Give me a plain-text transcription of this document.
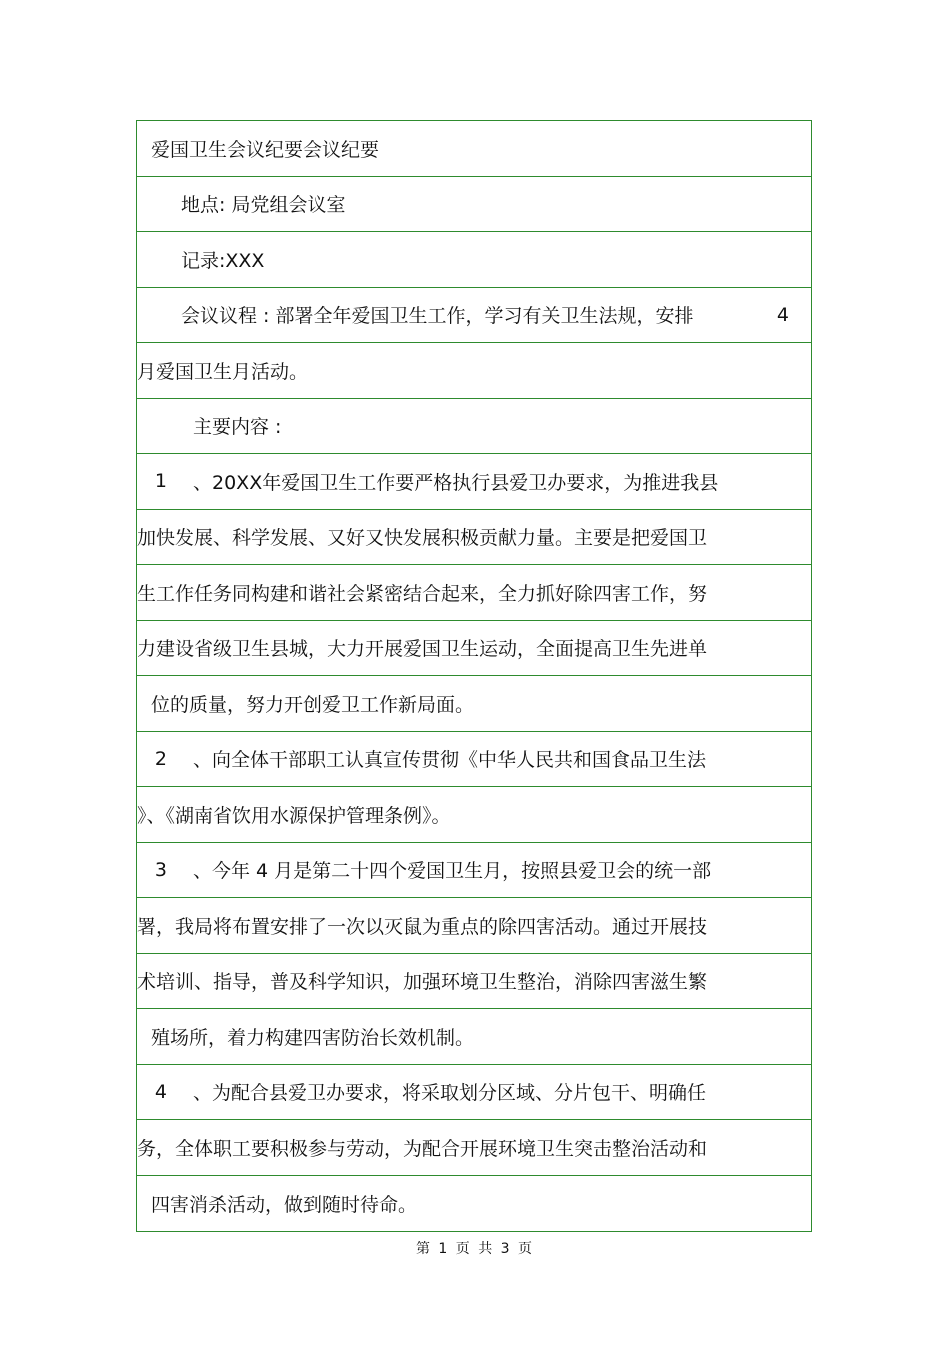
爱国卫生会议纪要会议纪要
地点: 局党组会议室
记录:XXX
会议议程 : 部署全年爱国卫生工作，学习有关卫生法规，安排	4
月爱国卫生月活动。
主要内容 :
1	、20XX年爱国卫生工作要严格执行县爱卫办要求，为推进我县
加快发展、科学发展、又好又快发展积极贡献力量。主要是把爱国卫
生工作任务同构建和谐社会紧密结合起来，全力抓好除四害工作，努
力建设省级卫生县城，大力开展爱国卫生运动，全面提高卫生先进单
位的质量，努力开创爱卫工作新局面。
2	、向全体干部职工认真宣传贯彻《中华人民共和国食品卫生法
》、《湖南省饮用水源保护管理条例》。
3	、今年 4 月是第二十四个爱国卫生月，按照县爱卫会的统一部
署，我局将布置安排了一次以灭鼠为重点的除四害活动。通过开展技
术培训、指导，普及科学知识，加强环境卫生整治，消除四害滋生繁
殖场所，着力构建四害防治长效机制。
4	、为配合县爱卫办要求，将采取划分区域、分片包干、明确任
务，全体职工要积极参与劳动，为配合开展环境卫生突击整治活动和
四害消杀活动，做到随时待命。
第 1 页 共 3 页
